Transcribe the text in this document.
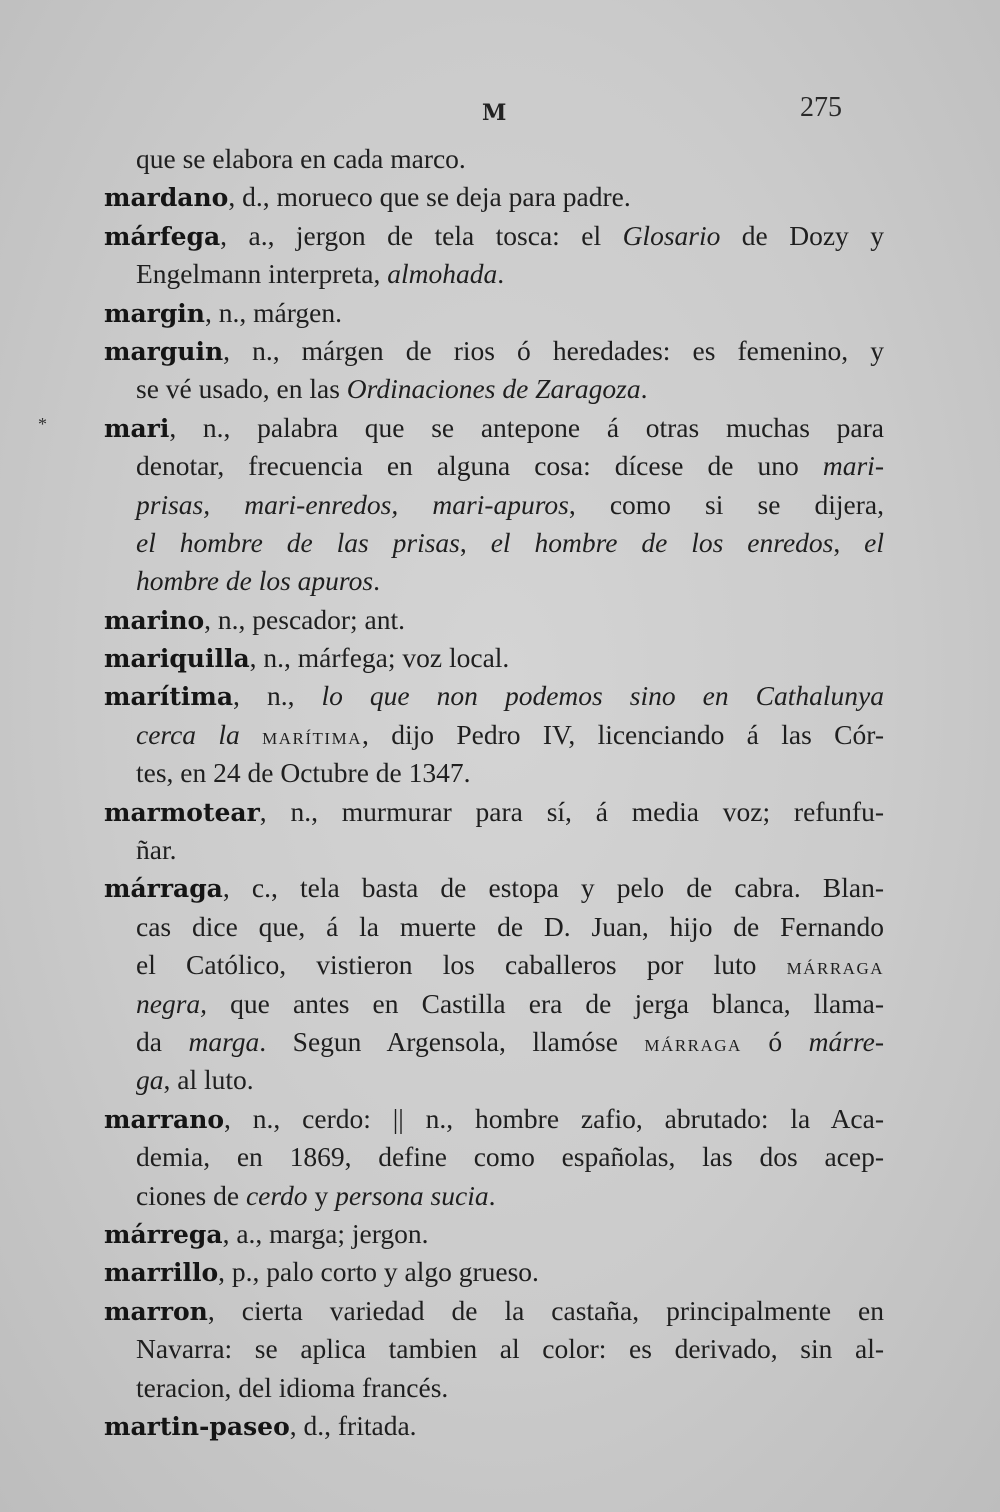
M	275
*
que se elabora en cada marco.
mardano, d., morueco que se deja para padre.
márfega, a., jergon de tela tosca: el Glosario de Dozy y
Engelmann interpreta, almohada.
margin, n., márgen.
marguin, n., márgen de rios ó heredades: es femenino, y
se vé usado, en las Ordinaciones de Zaragoza.
mari, n., palabra que se antepone á otras muchas para
denotar, frecuencia en alguna cosa: dícese de uno mari-
prisas, mari-enredos, mari-apuros, como si se dijera,
el hombre de las prisas, el hombre de los enredos, el
hombre de los apuros.
marino, n., pescador; ant.
mariquilla, n., márfega; voz local.
marítima, n., lo que non podemos sino en Cathalunya
cerca la MARÍTIMA, dijo Pedro IV, licenciando á las Cór-
tes, en 24 de Octubre de 1347.
marmotear, n., murmurar para sí, á media voz; refunfu-
ñar.
márraga, c., tela basta de estopa y pelo de cabra. Blan-
cas dice que, á la muerte de D. Juan, hijo de Fernando
el Católico, vistieron los caballeros por luto MÁRRAGA
negra, que antes en Castilla era de jerga blanca, llama-
da marga. Segun Argensola, llamóse MÁRRAGA ó márre-
ga, al luto.
marrano, n., cerdo: || n., hombre zafio, abrutado: la Aca-
demia, en 1869, define como españolas, las dos acep-
ciones de cerdo y persona sucia.
márrega, a., marga; jergon.
marrillo, p., palo corto y algo grueso.
marron, cierta variedad de la castaña, principalmente en
Navarra: se aplica tambien al color: es derivado, sin al-
teracion, del idioma francés.
martin-paseo, d., fritada.
